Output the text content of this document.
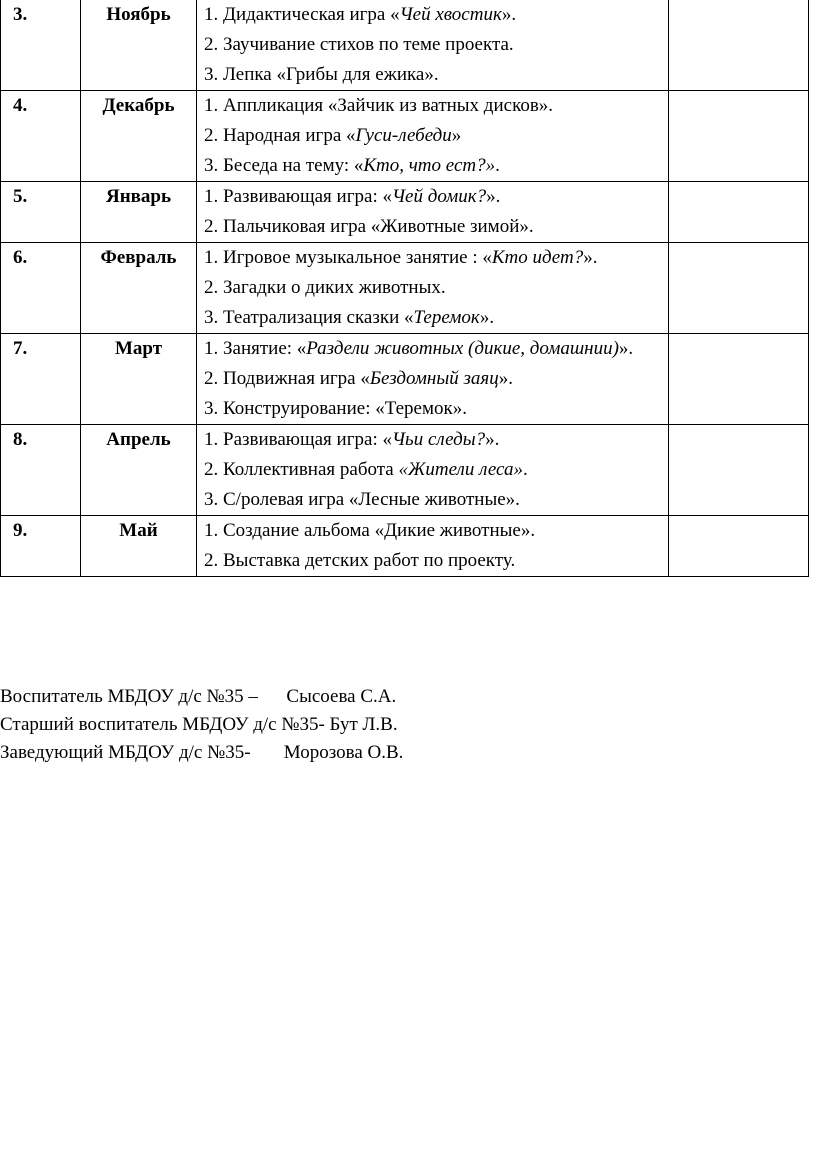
3.	Ноябрь	1. Дидактическая игра «Чей хвостик».
2. Заучивание стихов по теме проекта.
3. Лепка «Грибы для ежика».	

4.	Декабрь	1. Аппликация «Зайчик из ватных дисков».
2. Народная игра «Гуси-лебеди»
3. Беседа на тему: «Кто, что ест?».	

5.	Январь	1. Развивающая игра: «Чей домик?».
2. Пальчиковая игра «Животные зимой».	

6.	Февраль	1. Игровое музыкальное занятие : «Кто идет?».
2. Загадки о диких животных.
3. Театрализация сказки «Теремок».	

7.	Март	1. Занятие: «Раздели животных (дикие, домашнии)».
2. Подвижная игра «Бездомный заяц».
3. Конструирование: «Теремок».	

8.	Апрель	1. Развивающая игра: «Чьи следы?».
2. Коллективная работа «Жители леса».
3. С/ролевая игра «Лесные животные».	

9.	Май	1. Создание альбома «Дикие животные».
2. Выставка детских работ по проекту.	

Воспитатель МБДОУ д/с №35 –      Сысоева С.А.
Старший воспитатель МБДОУ д/с №35- Бут Л.В.
Заведующий МБДОУ д/с №35-       Морозова О.В.
